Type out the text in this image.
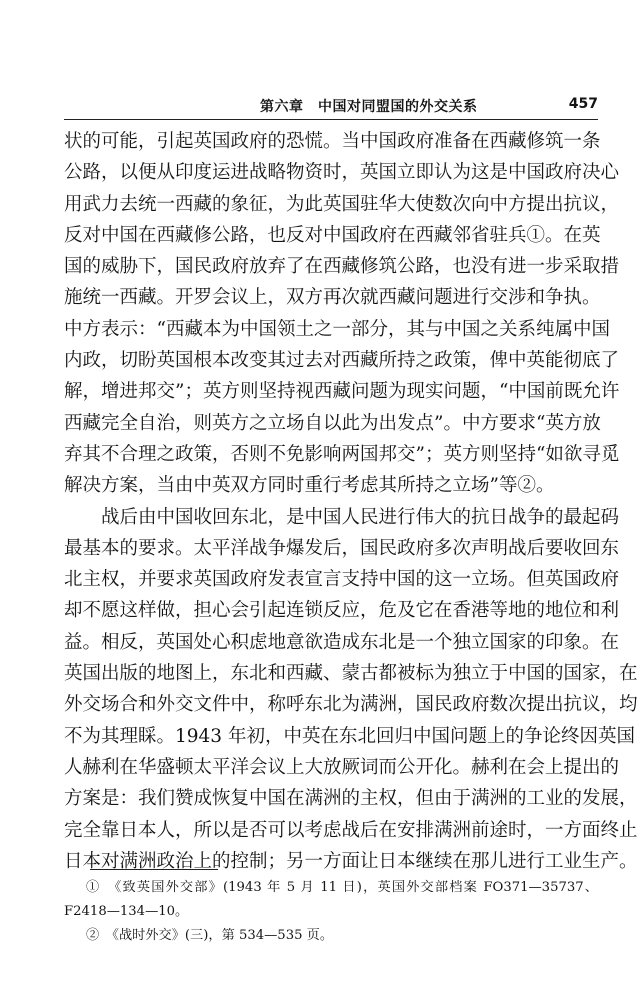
第六章　中国对同盟国的外交关系	457
状的可能，引起英国政府的恐慌。当中国政府准备在西藏修筑一条
公路，以便从印度运进战略物资时，英国立即认为这是中国政府决心
用武力去统一西藏的象征，为此英国驻华大使数次向中方提出抗议，
反对中国在西藏修公路，也反对中国政府在西藏邻省驻兵①。在英
国的威胁下，国民政府放弃了在西藏修筑公路，也没有进一步采取措
施统一西藏。开罗会议上，双方再次就西藏问题进行交涉和争执。
中方表示：“西藏本为中国领土之一部分，其与中国之关系纯属中国
内政，切盼英国根本改变其过去对西藏所持之政策，俾中英能彻底了
解，增进邦交”；英方则坚持视西藏问题为现实问题，“中国前既允许
西藏完全自治，则英方之立场自以此为出发点”。中方要求“英方放
弃其不合理之政策，否则不免影响两国邦交”；英方则坚持“如欲寻觅
解决方案，当由中英双方同时重行考虑其所持之立场”等②。
战后由中国收回东北，是中国人民进行伟大的抗日战争的最起码
最基本的要求。太平洋战争爆发后，国民政府多次声明战后要收回东
北主权，并要求英国政府发表宣言支持中国的这一立场。但英国政府
却不愿这样做，担心会引起连锁反应，危及它在香港等地的地位和利
益。相反，英国处心积虑地意欲造成东北是一个独立国家的印象。在
英国出版的地图上，东北和西藏、蒙古都被标为独立于中国的国家，在
外交场合和外交文件中，称呼东北为满洲，国民政府数次提出抗议，均
不为其理睬。1943 年初，中英在东北回归中国问题上的争论终因英国
人赫利在华盛顿太平洋会议上大放厥词而公开化。赫利在会上提出的
方案是：我们赞成恢复中国在满洲的主权，但由于满洲的工业的发展，
完全靠日本人，所以是否可以考虑战后在安排满洲前途时，一方面终止
日本对满洲政治上的控制；另一方面让日本继续在那儿进行工业生产。
①　《致英国外交部》(1943 年 5 月 11 日)，英国外交部档案 FO371—35737、
F2418—134—10。
②　《战时外交》(三)，第 534—535 页。
